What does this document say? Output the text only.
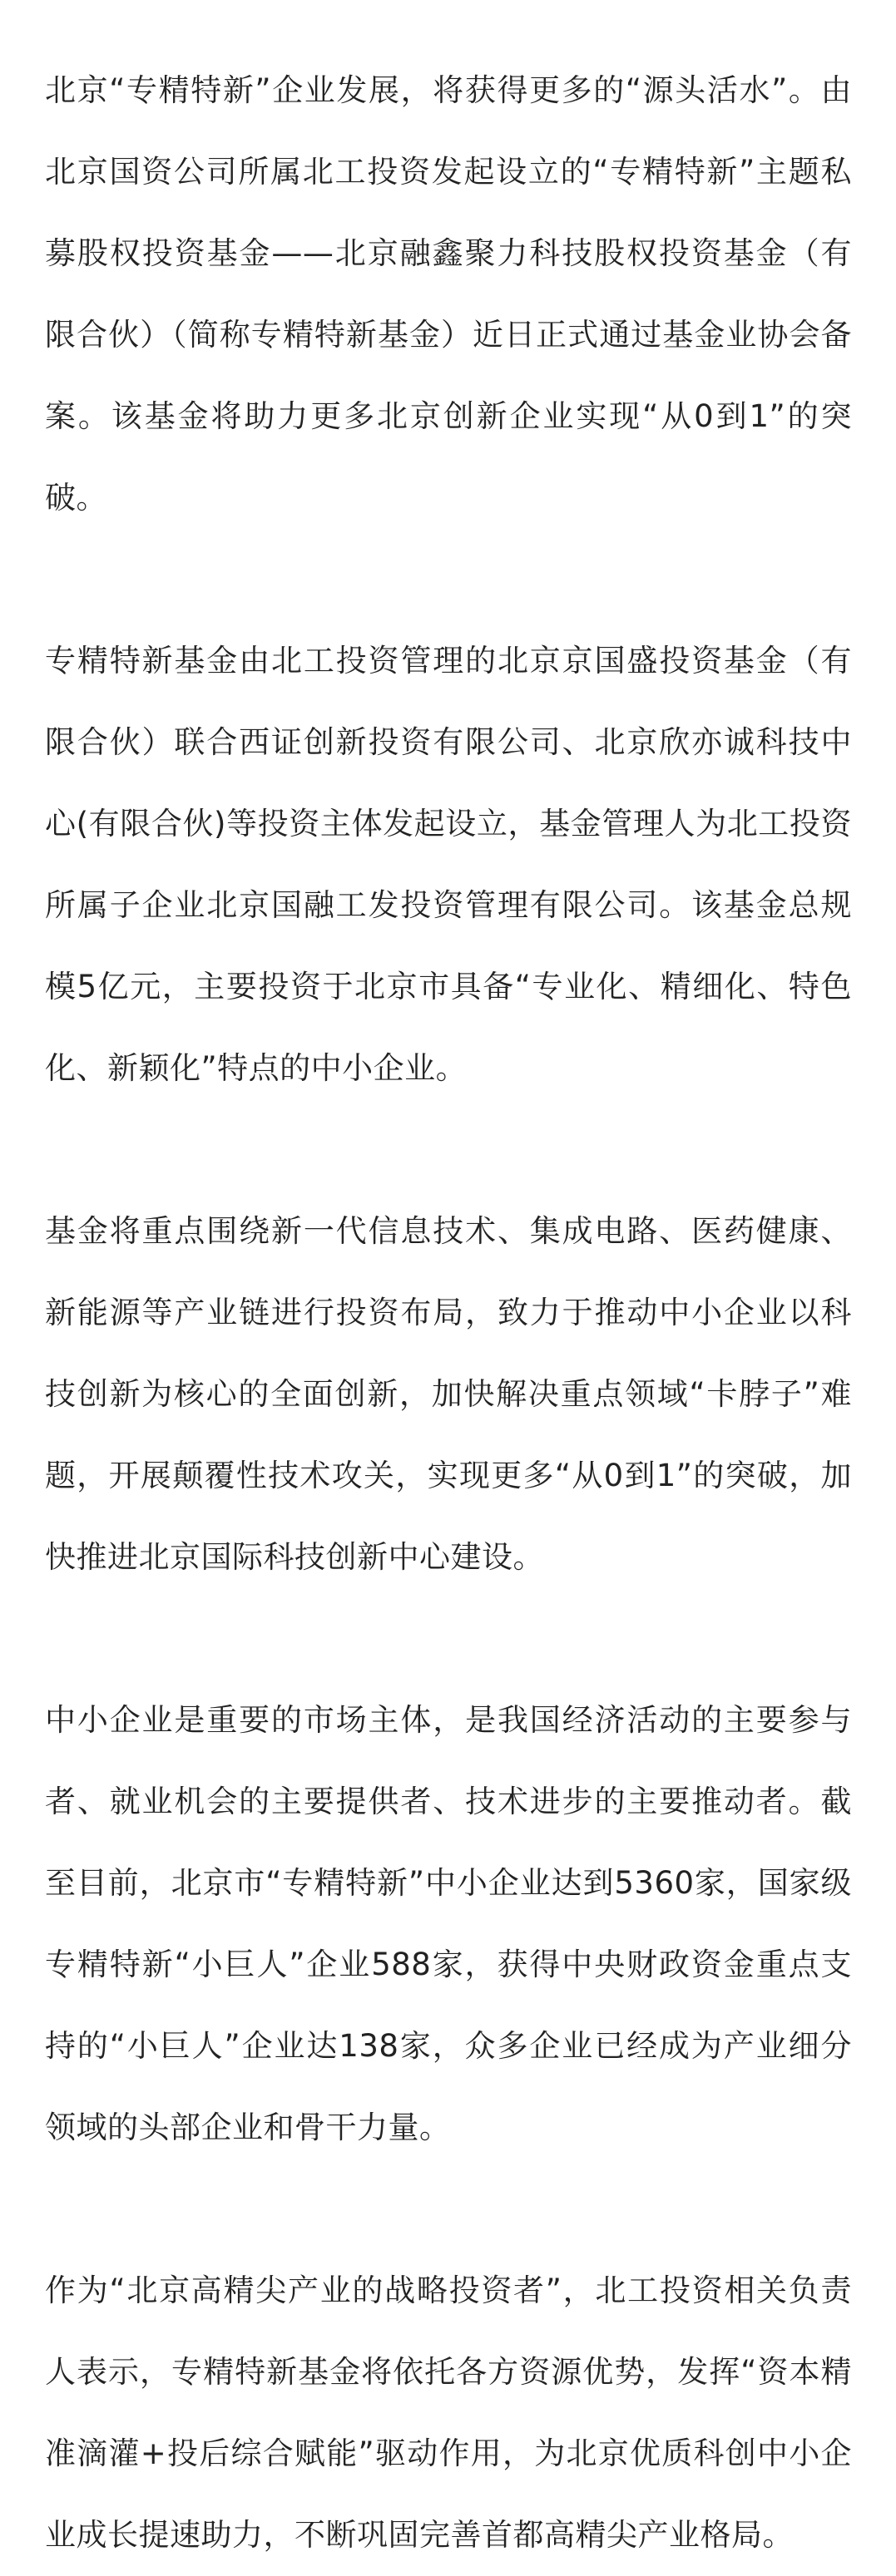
北京“专精特新”企业发展，将获得更多的“源头活水”。由北京国资公司所属北工投资发起设立的“专精特新”主题私募股权投资基金——北京融鑫聚力科技股权投资基金（有限合伙）（简称专精特新基金）近日正式通过基金业协会备案。该基金将助力更多北京创新企业实现“从0到1”的突破。

专精特新基金由北工投资管理的北京京国盛投资基金（有限合伙）联合西证创新投资有限公司、北京欣亦诚科技中心(有限合伙)等投资主体发起设立，基金管理人为北工投资所属子企业北京国融工发投资管理有限公司。该基金总规模5亿元，主要投资于北京市具备“专业化、精细化、特色化、新颖化”特点的中小企业。

基金将重点围绕新一代信息技术、集成电路、医药健康、新能源等产业链进行投资布局，致力于推动中小企业以科技创新为核心的全面创新，加快解决重点领域“卡脖子”难题，开展颠覆性技术攻关，实现更多“从0到1”的突破，加快推进北京国际科技创新中心建设。

中小企业是重要的市场主体，是我国经济活动的主要参与者、就业机会的主要提供者、技术进步的主要推动者。截至目前，北京市“专精特新”中小企业达到5360家，国家级专精特新“小巨人”企业588家，获得中央财政资金重点支持的“小巨人”企业达138家，众多企业已经成为产业细分领域的头部企业和骨干力量。

作为“北京高精尖产业的战略投资者”，北工投资相关负责人表示，专精特新基金将依托各方资源优势，发挥“资本精准滴灌+投后综合赋能”驱动作用，为北京优质科创中小企业成长提速助力，不断巩固完善首都高精尖产业格局。
